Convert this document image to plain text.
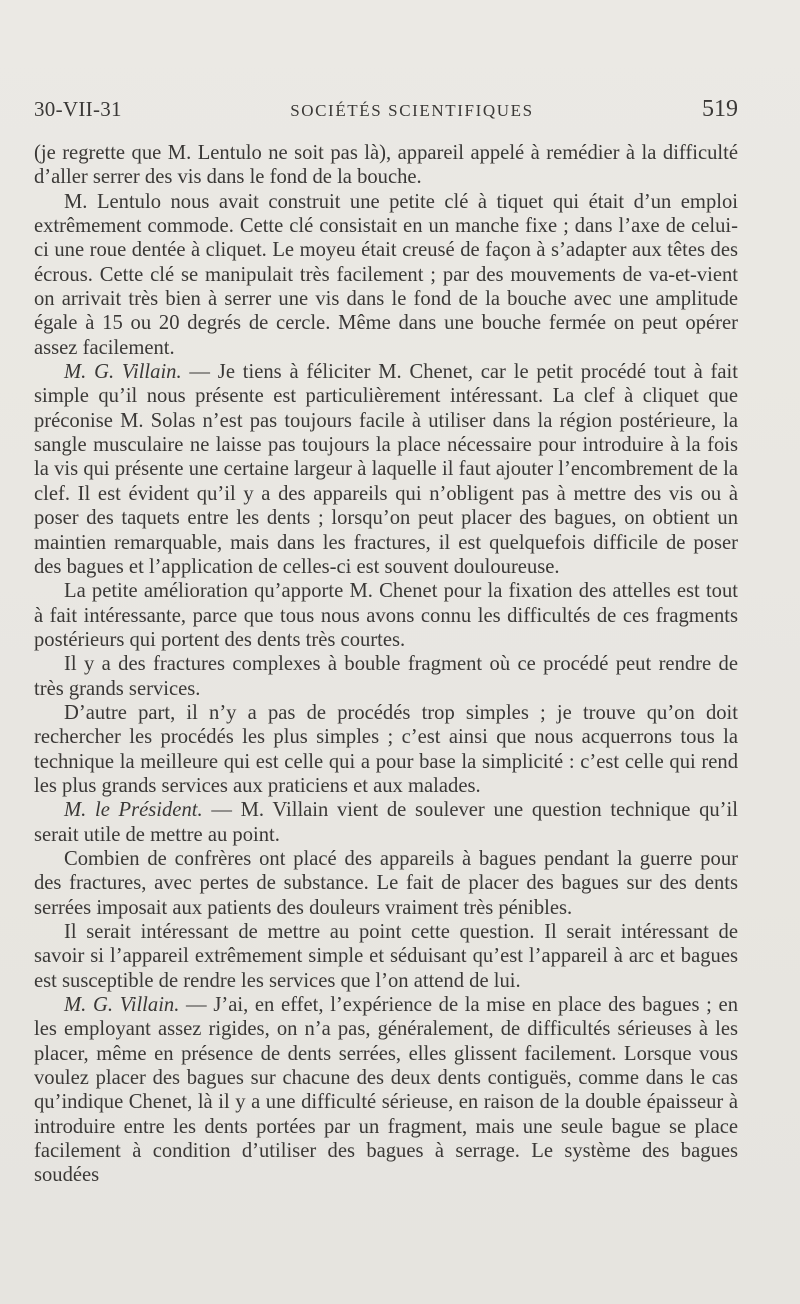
30-VII-31	SOCIÉTÉS SCIENTIFIQUES	519

(je regrette que M. Lentulo ne soit pas là), appareil appelé à remédier à la difficulté d’aller serrer des vis dans le fond de la bouche.

M. Lentulo nous avait construit une petite clé à tiquet qui était d’un emploi extrêmement commode. Cette clé consistait en un manche fixe ; dans l’axe de celui-ci une roue dentée à cliquet. Le moyeu était creusé de façon à s’adapter aux têtes des écrous. Cette clé se manipulait très facilement ; par des mouvements de va-et-vient on arrivait très bien à serrer une vis dans le fond de la bouche avec une amplitude égale à 15 ou 20 degrés de cercle. Même dans une bouche fermée on peut opérer assez facilement.

M. G. Villain. — Je tiens à féliciter M. Chenet, car le petit procédé tout à fait simple qu’il nous présente est particulièrement intéressant. La clef à cliquet que préconise M. Solas n’est pas toujours facile à utiliser dans la région postérieure, la sangle musculaire ne laisse pas toujours la place nécessaire pour introduire à la fois la vis qui présente une certaine largeur à laquelle il faut ajouter l’encombrement de la clef. Il est évident qu’il y a des appareils qui n’obligent pas à mettre des vis ou à poser des taquets entre les dents ; lorsqu’on peut placer des bagues, on obtient un maintien remarquable, mais dans les fractures, il est quelquefois difficile de poser des bagues et l’application de celles-ci est souvent douloureuse.

La petite amélioration qu’apporte M. Chenet pour la fixation des attelles est tout à fait intéressante, parce que tous nous avons connu les difficultés de ces fragments postérieurs qui portent des dents très courtes.

Il y a des fractures complexes à bouble fragment où ce procédé peut rendre de très grands services.

D’autre part, il n’y a pas de procédés trop simples ; je trouve qu’on doit rechercher les procédés les plus simples ; c’est ainsi que nous acquerrons tous la technique la meilleure qui est celle qui a pour base la simplicité : c’est celle qui rend les plus grands services aux praticiens et aux malades.

M. le Président. — M. Villain vient de soulever une question technique qu’il serait utile de mettre au point.

Combien de confrères ont placé des appareils à bagues pendant la guerre pour des fractures, avec pertes de substance. Le fait de placer des bagues sur des dents serrées imposait aux patients des douleurs vraiment très pénibles.

Il serait intéressant de mettre au point cette question. Il serait intéressant de savoir si l’appareil extrêmement simple et séduisant qu’est l’appareil à arc et bagues est susceptible de rendre les services que l’on attend de lui.

M. G. Villain. — J’ai, en effet, l’expérience de la mise en place des bagues ; en les employant assez rigides, on n’a pas, généralement, de difficultés sérieuses à les placer, même en présence de dents serrées, elles glissent facilement. Lorsque vous voulez placer des bagues sur chacune des deux dents contiguës, comme dans le cas qu’indique Chenet, là il y a une difficulté sérieuse, en raison de la double épaisseur à introduire entre les dents portées par un fragment, mais une seule bague se place facilement à condition d’utiliser des bagues à serrage. Le système des bagues soudées
